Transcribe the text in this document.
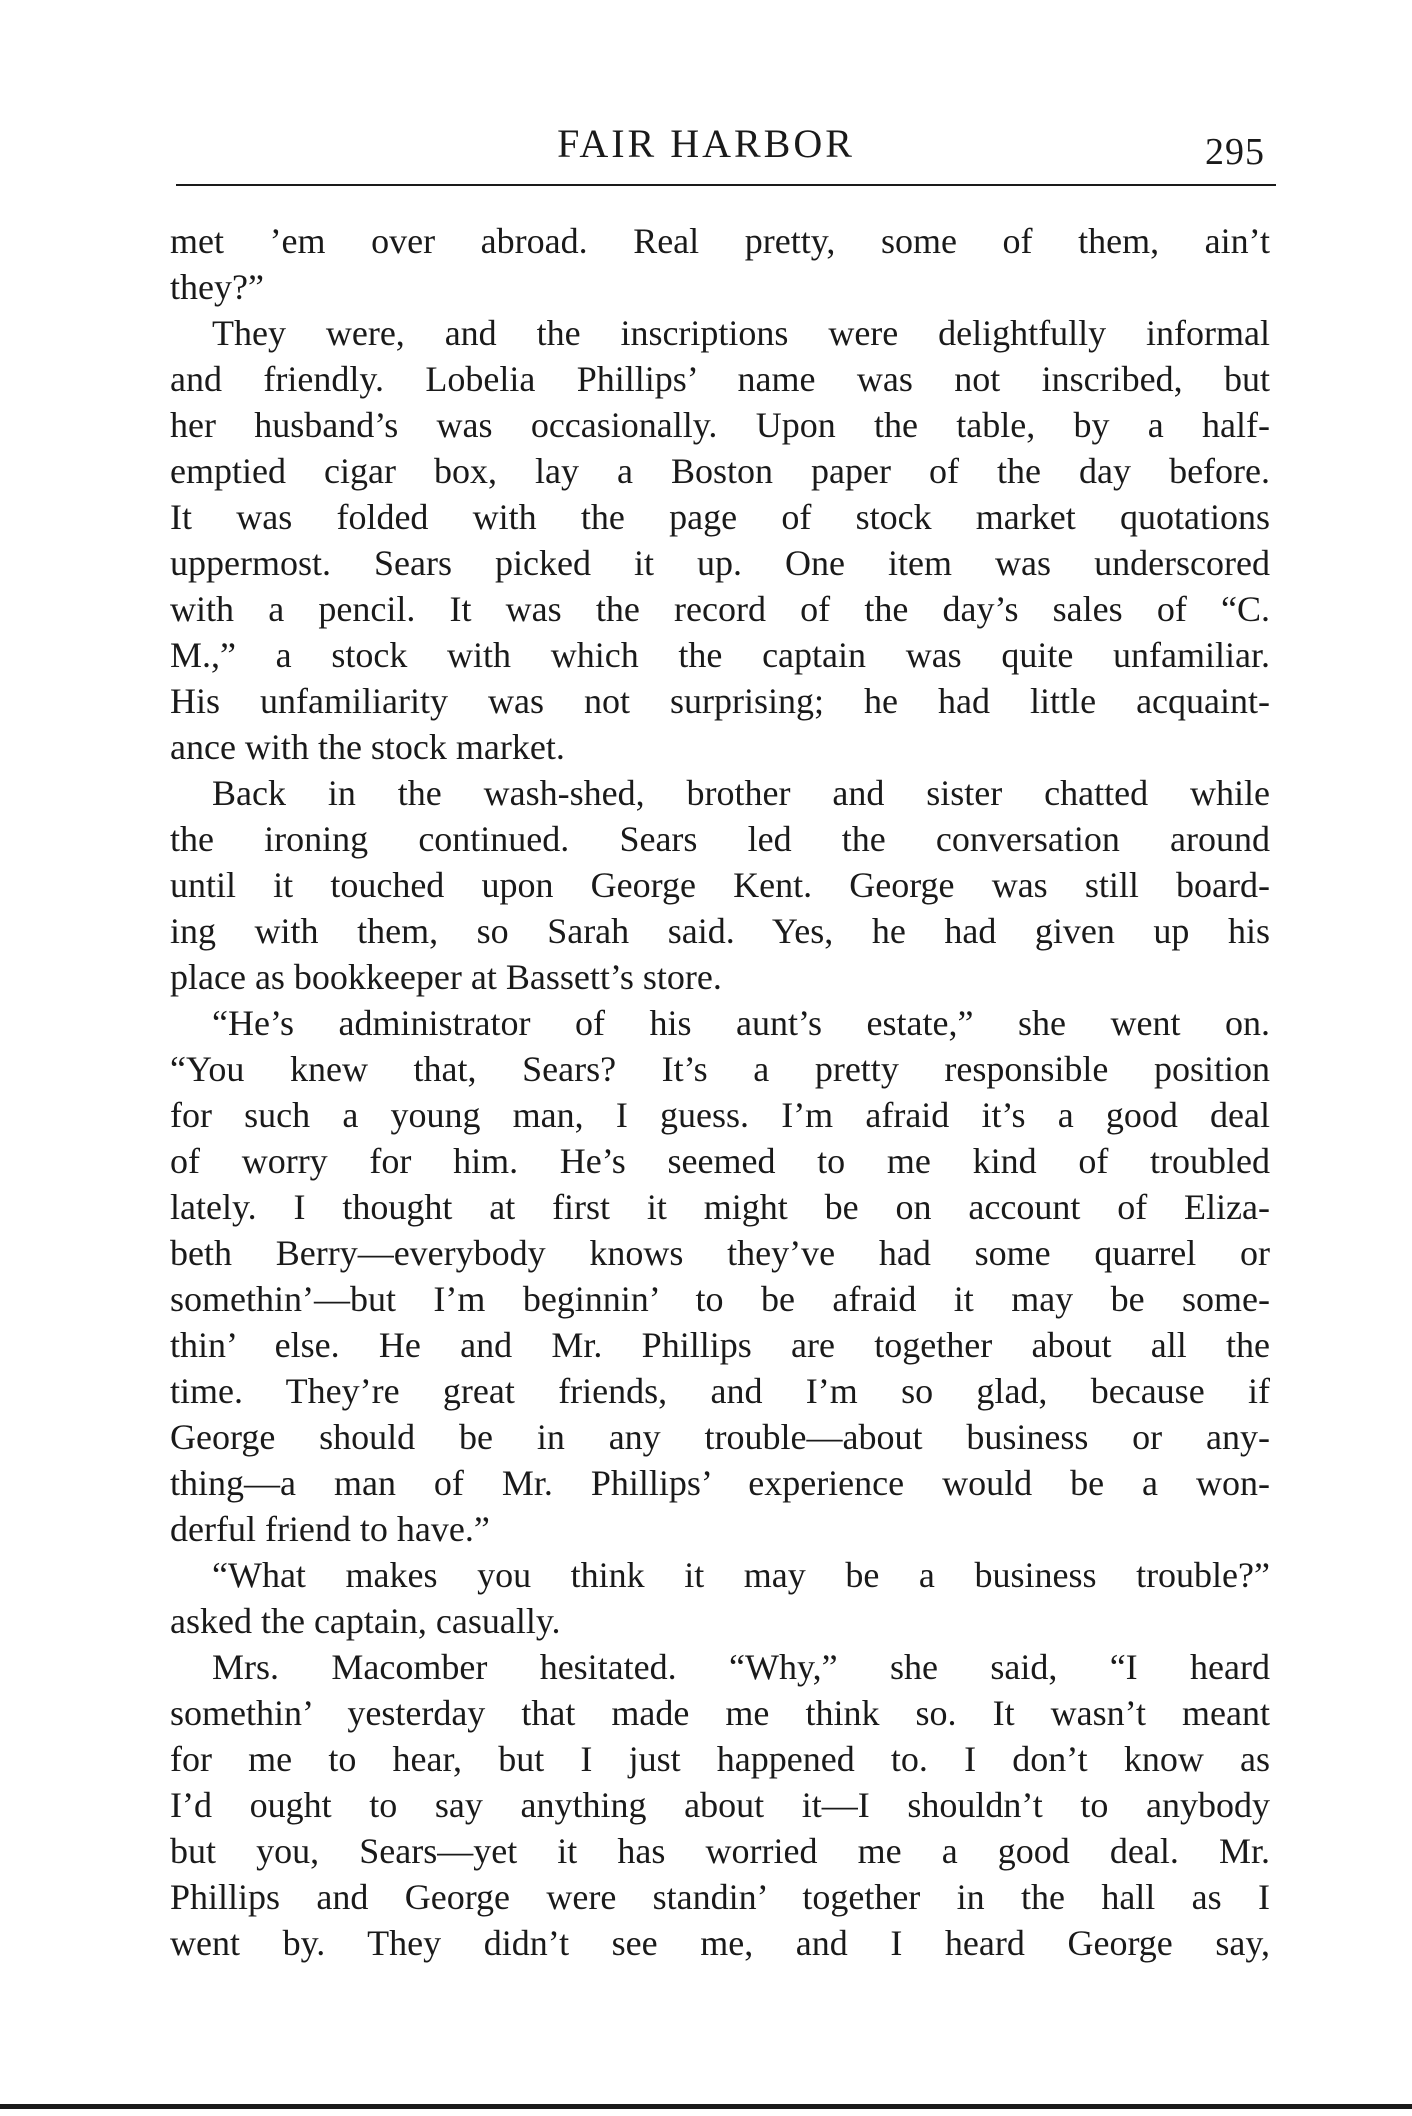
FAIR HARBOR	295
met ’em over abroad. Real pretty, some of them, ain’t
they?”
They were, and the inscriptions were delightfully informal
and friendly. Lobelia Phillips’ name was not inscribed, but
her husband’s was occasionally. Upon the table, by a half-
emptied cigar box, lay a Boston paper of the day before.
It was folded with the page of stock market quotations
uppermost. Sears picked it up. One item was underscored
with a pencil. It was the record of the day’s sales of “C.
M.,” a stock with which the captain was quite unfamiliar.
His unfamiliarity was not surprising; he had little acquaint-
ance with the stock market.
Back in the wash-shed, brother and sister chatted while
the ironing continued. Sears led the conversation around
until it touched upon George Kent. George was still board-
ing with them, so Sarah said. Yes, he had given up his
place as bookkeeper at Bassett’s store.
“He’s administrator of his aunt’s estate,” she went on.
“You knew that, Sears? It’s a pretty responsible position
for such a young man, I guess. I’m afraid it’s a good deal
of worry for him. He’s seemed to me kind of troubled
lately. I thought at first it might be on account of Eliza-
beth Berry—everybody knows they’ve had some quarrel or
somethin’—but I’m beginnin’ to be afraid it may be some-
thin’ else. He and Mr. Phillips are together about all the
time. They’re great friends, and I’m so glad, because if
George should be in any trouble—about business or any-
thing—a man of Mr. Phillips’ experience would be a won-
derful friend to have.”
“What makes you think it may be a business trouble?”
asked the captain, casually.
Mrs. Macomber hesitated. “Why,” she said, “I heard
somethin’ yesterday that made me think so. It wasn’t meant
for me to hear, but I just happened to. I don’t know as
I’d ought to say anything about it—I shouldn’t to anybody
but you, Sears—yet it has worried me a good deal. Mr.
Phillips and George were standin’ together in the hall as I
went by. They didn’t see me, and I heard George say,
